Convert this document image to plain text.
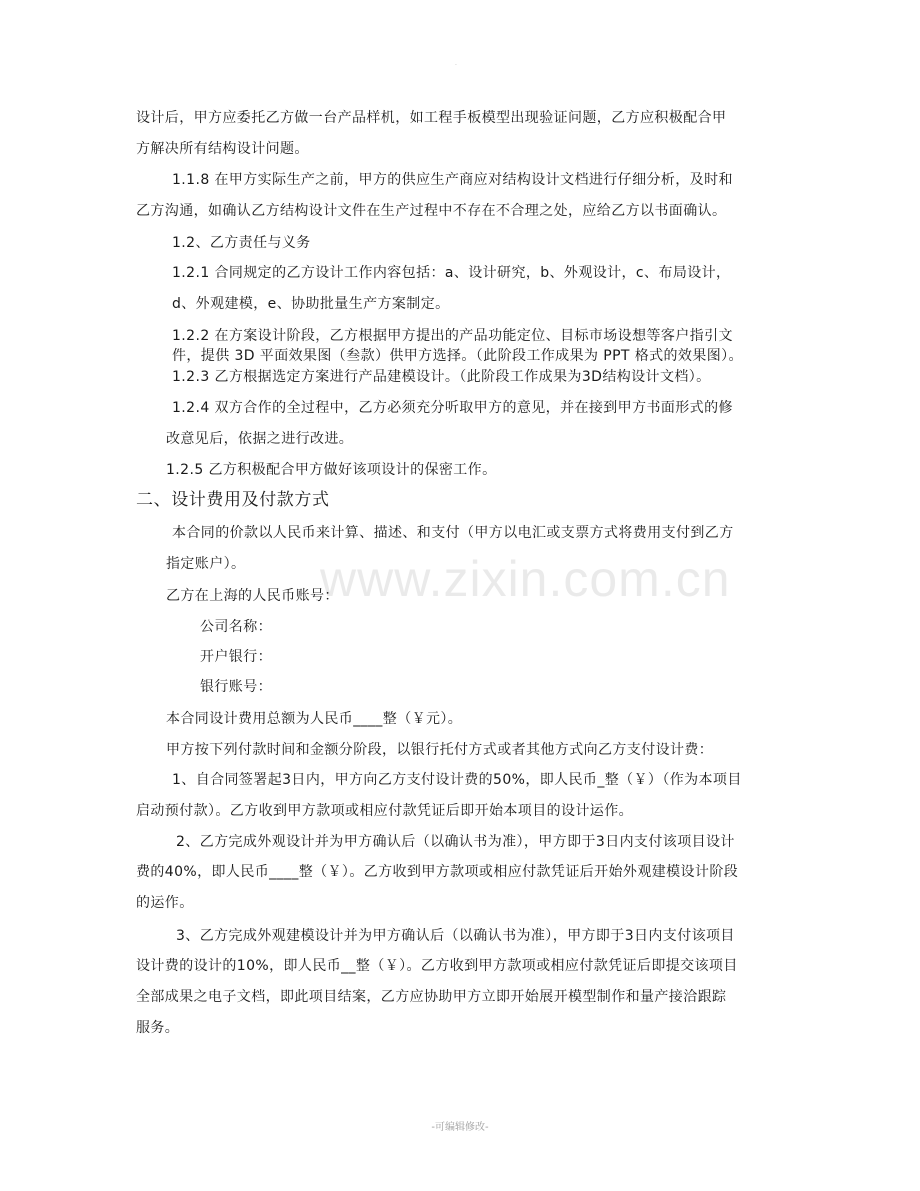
.

www.zixin.com.cn

设计后，甲方应委托乙方做一台产品样机，如工程手板模型出现验证问题，乙方应积极配合甲

方解决所有结构设计问题。

1.1.8 在甲方实际生产之前，甲方的供应生产商应对结构设计文档进行仔细分析，及时和

乙方沟通，如确认乙方结构设计文件在生产过程中不存在不合理之处，应给乙方以书面确认。

1.2、乙方责任与义务

1.2.1 合同规定的乙方设计工作内容包括：a、设计研究，b、外观设计，c、布局设计，

d、外观建模，e、协助批量生产方案制定。

1.2.2 在方案设计阶段，乙方根据甲方提出的产品功能定位、目标市场设想等客户指引文

件，提供 3D 平面效果图（叁款）供甲方选择。（此阶段工作成果为 PPT 格式的效果图）。

1.2.3 乙方根据选定方案进行产品建模设计。（此阶段工作成果为3D结构设计文档）。

1.2.4 双方合作的全过程中，乙方必须充分听取甲方的意见，并在接到甲方书面形式的修

改意见后，依据之进行改进。

1.2.5 乙方积极配合甲方做好该项设计的保密工作。

二、设计费用及付款方式

本合同的价款以人民币来计算、描述、和支付（甲方以电汇或支票方式将费用支付到乙方

指定账户）。

乙方在上海的人民币账号：

公司名称：

开户银行：

银行账号：

本合同设计费用总额为人民币____整（￥元）。

甲方按下列付款时间和金额分阶段，以银行托付方式或者其他方式向乙方支付设计费：

1、自合同签署起3日内，甲方向乙方支付设计费的50%，即人民币_整（￥）（作为本项目

启动预付款）。乙方收到甲方款项或相应付款凭证后即开始本项目的设计运作。

2、乙方完成外观设计并为甲方确认后（以确认书为准），甲方即于3日内支付该项目设计

费的40%，即人民币____整（￥）。乙方收到甲方款项或相应付款凭证后开始外观建模设计阶段

的运作。

3、乙方完成外观建模设计并为甲方确认后（以确认书为准），甲方即于3日内支付该项目

设计费的设计的10%，即人民币__整（￥）。乙方收到甲方款项或相应付款凭证后即提交该项目

全部成果之电子文档，即此项目结案，乙方应协助甲方立即开始展开模型制作和量产接洽跟踪

服务。

-可编辑修改-
